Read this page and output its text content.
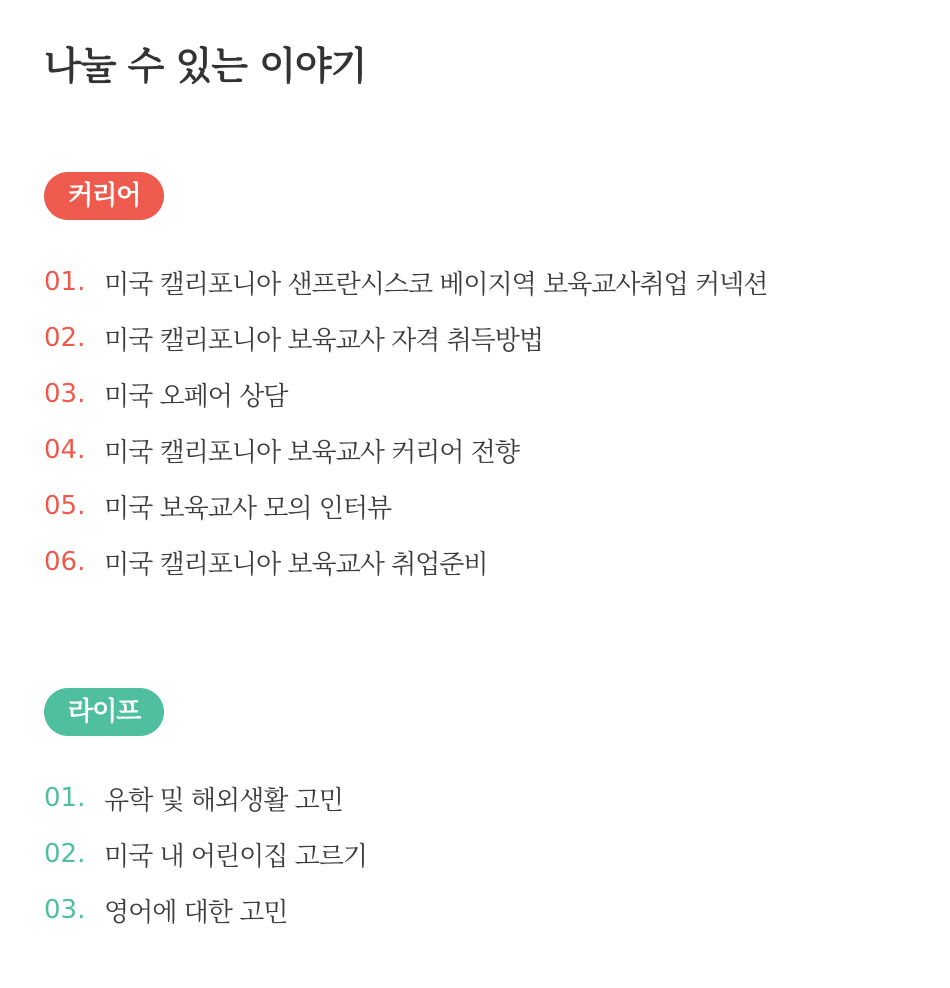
나눌 수 있는 이야기
커리어
01. 미국 캘리포니아 샌프란시스코 베이지역 보육교사취업 커넥션
02. 미국 캘리포니아 보육교사 자격 취득방법
03. 미국 오페어 상담
04. 미국 캘리포니아 보육교사 커리어 전향
05. 미국 보육교사 모의 인터뷰
06. 미국 캘리포니아 보육교사 취업준비
라이프
01. 유학 및 해외생활 고민
02. 미국 내 어린이집 고르기
03. 영어에 대한 고민
